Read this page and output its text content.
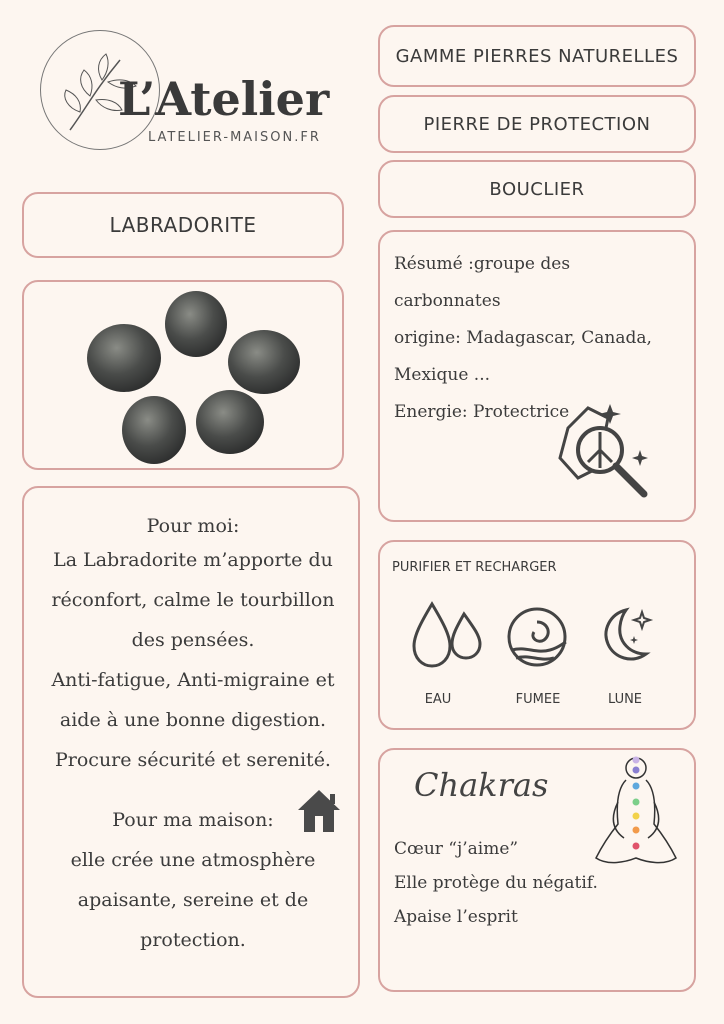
L’Atelier
LATELIER-MAISON.FR
GAMME PIERRES NATURELLES
PIERRE DE PROTECTION
BOUCLIER
LABRADORITE

Résumé :groupe des carbonnates

origine: Madagascar, Canada,

Mexique ...

Energie: Protectrice

Pour moi:
La Labradorite m’apporte du
réconfort, calme le tourbillon
des pensées.
Anti-fatigue, Anti-migraine et
aide à une bonne digestion.
Procure sécurité et serenité.
Pour ma maison:
elle crée une atmosphère
apaisante, sereine et de
protection.
PURIFIER ET RECHARGER
EAU	FUMEE	LUNE
Chakras
Cœur “j’aime”
Elle protège du négatif.
Apaise l’esprit
